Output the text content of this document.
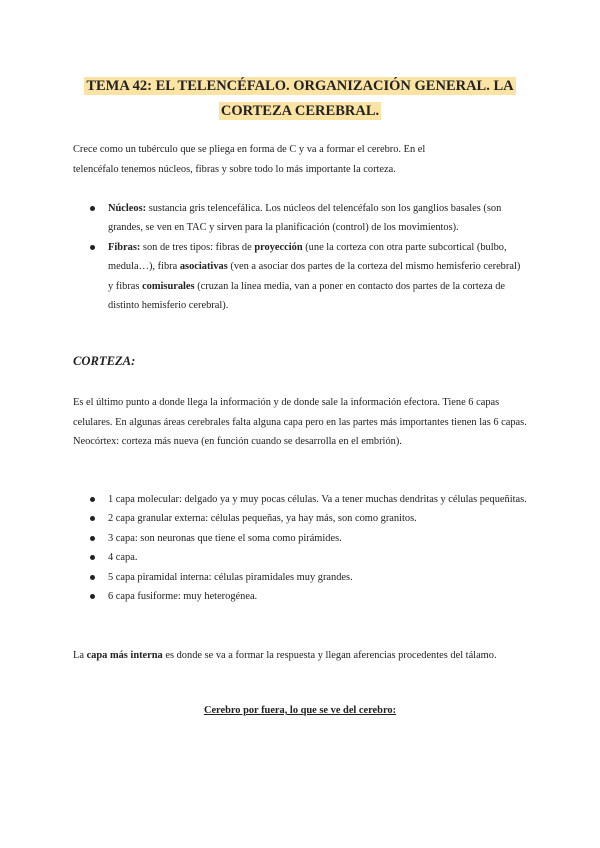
TEMA 42: EL TELENCÉFALO. ORGANIZACIÓN GENERAL. LA
CORTEZA CEREBRAL.

Crece como un tubérculo que se pliega en forma de C y va a formar el cerebro. En el
telencéfalo tenemos núcleos, fibras y sobre todo lo más importante la corteza.

Núcleos: sustancia gris telencefálica. Los núcleos del telencéfalo son los ganglios basales (son grandes, se ven en TAC y sirven para la planificación (control) de los movimientos).
Fibras: son de tres tipos: fibras de proyección (une la corteza con otra parte subcortical (bulbo, medula…), fibra asociativas (ven a asociar dos partes de la corteza del mismo hemisferio cerebral) y fibras comisurales (cruzan la línea media, van a poner en contacto dos partes de la corteza de distinto hemisferio cerebral).
CORTEZA:

Es el último punto a donde llega la información y de donde sale la información efectora. Tiene 6 capas celulares. En algunas áreas cerebrales falta alguna capa pero en las partes más importantes tienen las 6 capas. Neocórtex: corteza más nueva (en función cuando se desarrolla en el embrión).

1 capa molecular: delgado ya y muy pocas células. Va a tener muchas dendritas y células pequeñitas.
2 capa granular externa: células pequeñas, ya hay más, son como granitos.
3 capa: son neuronas que tiene el soma como pirámides.
4 capa.
5 capa piramidal interna: células piramidales muy grandes.
6 capa fusiforme: muy heterogénea.

La capa más interna es donde se va a formar la respuesta y llegan aferencias procedentes del tálamo.

Cerebro por fuera, lo que se ve del cerebro:
